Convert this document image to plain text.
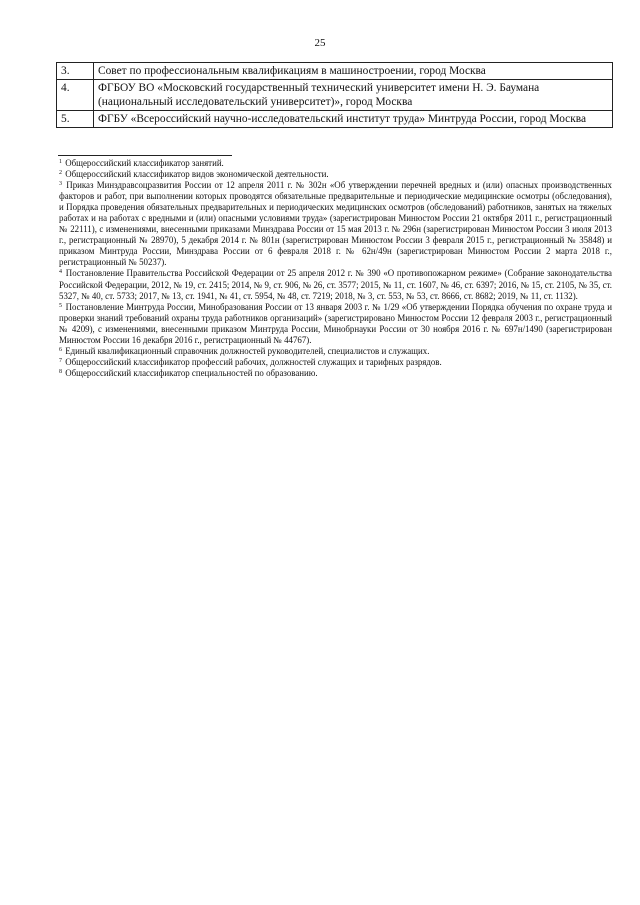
25
3.	Совет по профессиональным квалификациям в машиностроении, город Москва
4.	ФГБОУ ВО «Московский государственный технический университет имени Н. Э. Баумана (национальный исследовательский университет)», город Москва
5.	ФГБУ «Всероссийский научно-исследовательский институт труда» Минтруда России, город Москва

$^1$ Общероссийский классификатор занятий.

$^2$ Общероссийский классификатор видов экономической деятельности.

$^3$ Приказ Минздравсоцразвития России от 12 апреля 2011 г. № 302н «Об утверждении перечней вредных и (или) опасных производственных факторов и работ, при выполнении которых проводятся обязательные предварительные и периодические медицинские осмотры (обследования), и Порядка проведения обязательных предварительных и периодических медицинских осмотров (обследований) работников, занятых на тяжелых работах и на работах с вредными и (или) опасными условиями труда» (зарегистрирован Минюстом России 21 октября 2011 г., регистрационный № 22111), с изменениями, внесенными приказами Минздрава России от 15 мая 2013 г. № 296н (зарегистрирован Минюстом России 3 июля 2013 г., регистрационный № 28970), 5 декабря 2014 г. № 801н (зарегистрирован Минюстом России 3 февраля 2015 г., регистрационный № 35848) и приказом Минтруда России, Минздрава России от 6 февраля 2018 г. № 62н/49н (зарегистрирован Минюстом России 2 марта 2018 г., регистрационный № 50237).

$^4$ Постановление Правительства Российской Федерации от 25 апреля 2012 г. № 390 «О противопожарном режиме» (Собрание законодательства Российской Федерации, 2012, № 19, ст. 2415; 2014, № 9, ст. 906, № 26, ст. 3577; 2015, № 11, ст. 1607, № 46, ст. 6397; 2016, № 15, ст. 2105, № 35, ст. 5327, № 40, ст. 5733; 2017, № 13, ст. 1941, № 41, ст. 5954, № 48, ст. 7219; 2018, № 3, ст. 553, № 53, ст. 8666, ст. 8682; 2019, № 11, ст. 1132).

$^5$ Постановление Минтруда России, Минобразования России от 13 января 2003 г. № 1/29 «Об утверждении Порядка обучения по охране труда и проверки знаний требований охраны труда работников организаций» (зарегистрировано Минюстом России 12 февраля 2003 г., регистрационный № 4209), с изменениями, внесенными приказом Минтруда России, Минобрнауки России от 30 ноября 2016 г. № 697н/1490 (зарегистрирован Минюстом России 16 декабря 2016 г., регистрационный № 44767).

$^6$ Единый квалификационный справочник должностей руководителей, специалистов и служащих.

$^7$ Общероссийский классификатор профессий рабочих, должностей служащих и тарифных разрядов.

$^8$ Общероссийский классификатор специальностей по образованию.
